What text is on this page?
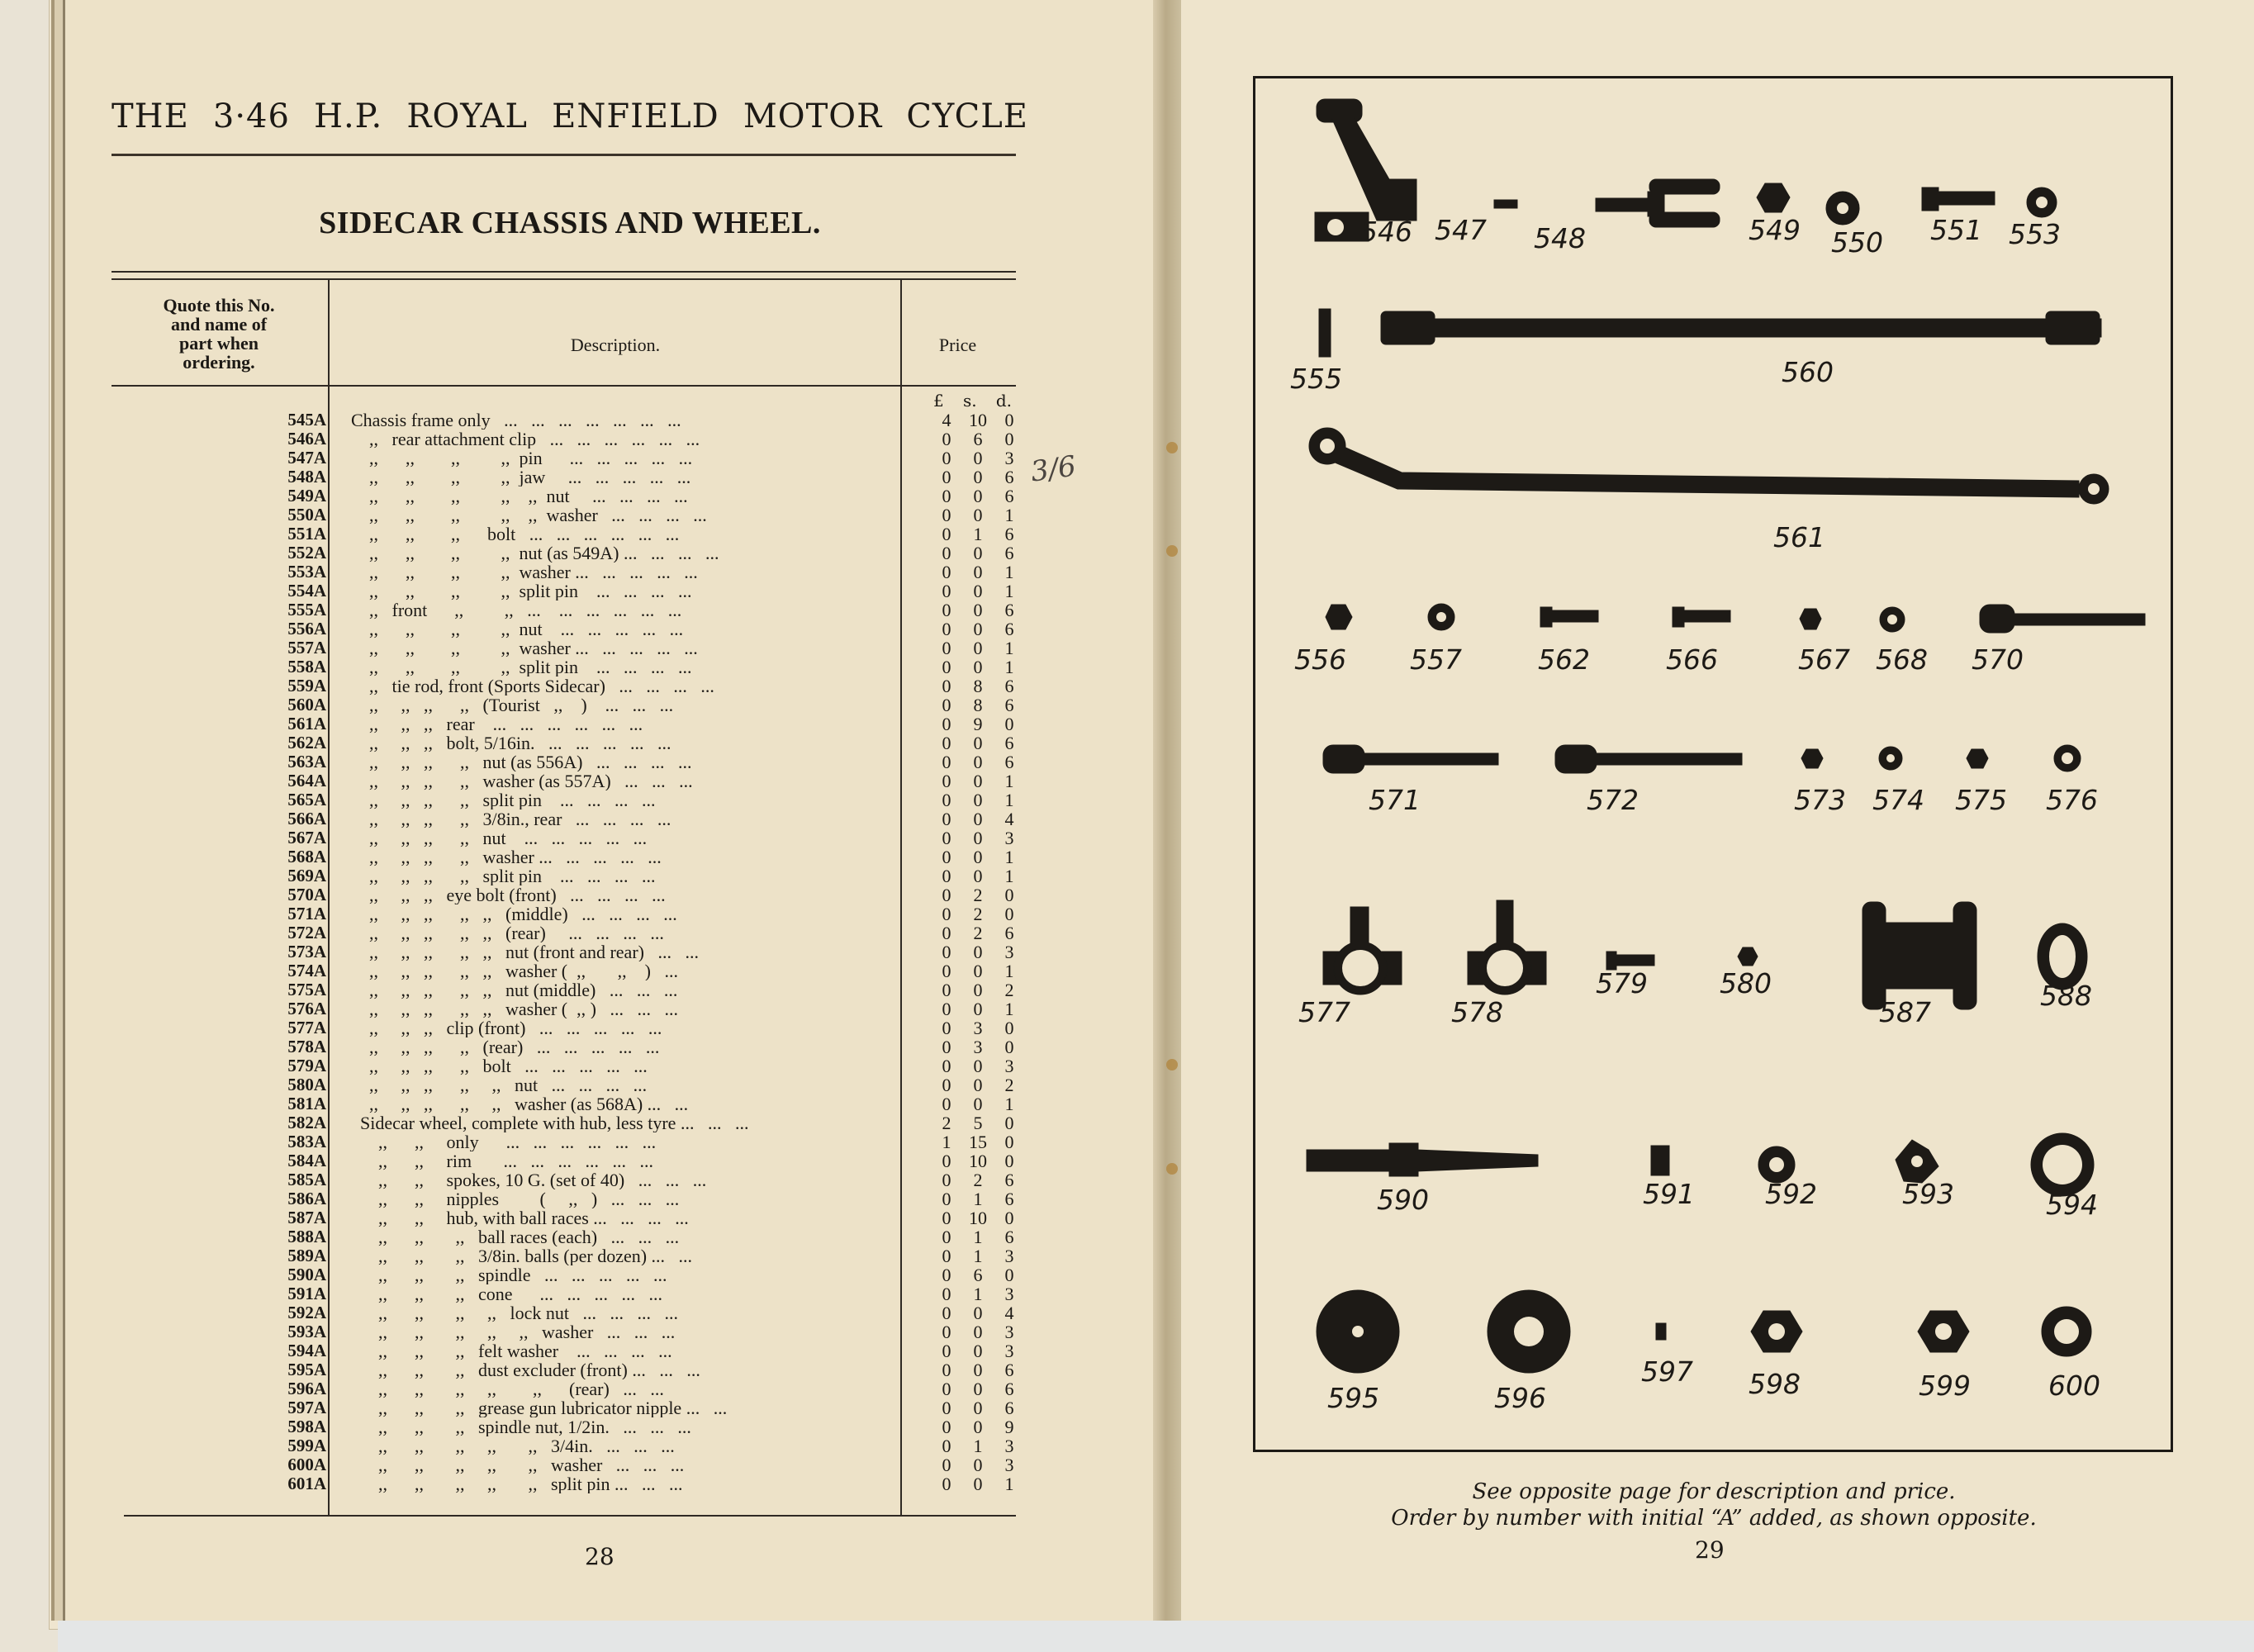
THE 3·46 H.P. ROYAL ENFIELD MOTOR CYCLE
SIDECAR CHASSIS AND WHEEL.
Quote this No.
and name of
part when
ordering.
Description.	Price
£ s. d.
545A Chassis frame only   ...   ...   ...   ...   ...   ...   ...	4 10 0
546A ,,   rear attachment clip   ...   ...   ...   ...   ...   ...	0	6	0
547A ,,      ,,        ,,         ,,  pin      ...   ...   ...   ...   ...	0	0	3
548A ,,      ,,        ,,         ,,  jaw     ...   ...   ...   ...   ...	0	0	6
549A ,,      ,,        ,,         ,,    ,,  nut     ...   ...   ...   ...	0	0	6
550A ,,      ,,        ,,         ,,    ,,  washer   ...   ...   ...   ...	0	0	1
551A ,,      ,,        ,,      bolt   ...   ...   ...   ...   ...   ...	0	1	6
552A ,,      ,,        ,,         ,,  nut (as 549A) ...   ...   ...   ...	0	0	6
553A ,,      ,,        ,,         ,,  washer ...   ...   ...   ...   ...	0	0	1
554A ,,      ,,        ,,         ,,  split pin    ...   ...   ...   ...	0	0	1
555A ,,   front      ,,         ,,   ...    ...   ...   ...   ...   ...	0	0	6
556A ,,      ,,        ,,         ,,  nut    ...   ...   ...   ...   ...	0	0	6
557A ,,      ,,        ,,         ,,  washer ...   ...   ...   ...   ...	0	0	1
558A ,,      ,,        ,,         ,,  split pin    ...   ...   ...   ...	0	0	1
559A ,,   tie rod, front (Sports Sidecar)   ...   ...   ...   ...	0	8	6
560A ,,     ,,   ,,      ,,   (Tourist   ,,    )    ...   ...   ...	0	8	6
561A ,,     ,,   ,,   rear    ...   ...   ...   ...   ...   ...	0	9	0
562A ,,     ,,   ,,   bolt, 5/16in.   ...   ...   ...   ...   ...	0	0	6
563A ,,     ,,   ,,      ,,   nut (as 556A)   ...   ...   ...   ...	0	0	6
564A ,,     ,,   ,,      ,,   washer (as 557A)   ...   ...   ...	0	0	1
565A ,,     ,,   ,,      ,,   split pin    ...   ...   ...   ...	0	0	1
566A ,,     ,,   ,,      ,,   3/8in., rear   ...   ...   ...   ...	0	0	4
567A ,,     ,,   ,,      ,,   nut    ...   ...   ...   ...   ...	0	0	3
568A ,,     ,,   ,,      ,,   washer ...   ...   ...   ...   ...	0	0	1
569A ,,     ,,   ,,      ,,   split pin    ...   ...   ...   ...	0	0	1
570A ,,     ,,   ,,   eye bolt (front)   ...   ...   ...   ...	0	2	0
571A ,,     ,,   ,,      ,,   ,,   (middle)   ...   ...   ...   ...	0	2	0
572A ,,     ,,   ,,      ,,   ,,   (rear)     ...   ...   ...   ...	0	2	6
573A ,,     ,,   ,,      ,,   ,,   nut (front and rear)   ...   ...	0	0	3
574A ,,     ,,   ,,      ,,   ,,   washer (  ,,       ,,    )   ...	0	0	1
575A ,,     ,,   ,,      ,,   ,,   nut (middle)   ...   ...   ...	0	0	2
576A ,,     ,,   ,,      ,,   ,,   washer (  ,, )   ...   ...   ...	0	0	1
577A ,,     ,,   ,,   clip (front)   ...   ...   ...   ...   ...	0	3	0
578A ,,     ,,   ,,      ,,   (rear)   ...   ...   ...   ...   ...	0	3	0
579A ,,     ,,   ,,      ,,   bolt   ...   ...   ...   ...   ...	0	0	3
580A ,,     ,,   ,,      ,,     ,,   nut   ...   ...   ...   ...	0	0	2
581A ,,     ,,   ,,      ,,     ,,   washer (as 568A) ...   ...	0	0	1
582A Sidecar wheel, complete with hub, less tyre ...   ...   ...	2	5	0
583A ,,      ,,     only      ...   ...   ...   ...   ...   ...	1 15 0
584A ,,      ,,     rim       ...   ...   ...   ...   ...   ...	0 10 0
585A ,,      ,,     spokes, 10 G. (set of 40)   ...   ...   ...	0	2	6
586A ,,      ,,     nipples         (     ,,   )   ...   ...   ...	0	1	6
587A ,,      ,,     hub, with ball races ...   ...   ...   ...	0 10 0
588A ,,      ,,       ,,   ball races (each)   ...   ...   ...	0	1	6
589A ,,      ,,       ,,   3/8in. balls (per dozen) ...   ...	0	1	3
590A ,,      ,,       ,,   spindle   ...   ...   ...   ...   ...	0	6	0
591A ,,      ,,       ,,   cone      ...   ...   ...   ...   ...	0	1	3
592A ,,      ,,       ,,     ,,   lock nut   ...   ...   ...   ...	0	0	4
593A ,,      ,,       ,,     ,,     ,,   washer   ...   ...   ...	0	0	3
594A ,,      ,,       ,,   felt washer    ...   ...   ...   ...	0	0	3
595A ,,      ,,       ,,   dust excluder (front) ...   ...   ...	0	0	6
596A ,,      ,,       ,,     ,,        ,,      (rear)   ...   ...	0	0	6
597A ,,      ,,       ,,   grease gun lubricator nipple ...   ...	0	0	6
598A ,,      ,,       ,,   spindle nut, 1/2in.   ...   ...   ...	0	0	9
599A ,,      ,,       ,,     ,,       ,,   3/4in.   ...   ...   ...	0	1	3
600A ,,      ,,       ,,     ,,       ,,   washer   ...   ...   ...	0	0	3
601A ,,      ,,       ,,     ,,       ,,   split pin ...   ...   ...	0	0	1
3/6
28
546 547 548	549 550 551 553
555	560
561
556 557	562	566	567 568 570
571	572	573 574 575 576
577	578
579	580
587
588
590	591	592	593	594
595	596
597 598	599	600
See opposite page for description and price.
Order by number with initial “A” added, as shown opposite.
29
